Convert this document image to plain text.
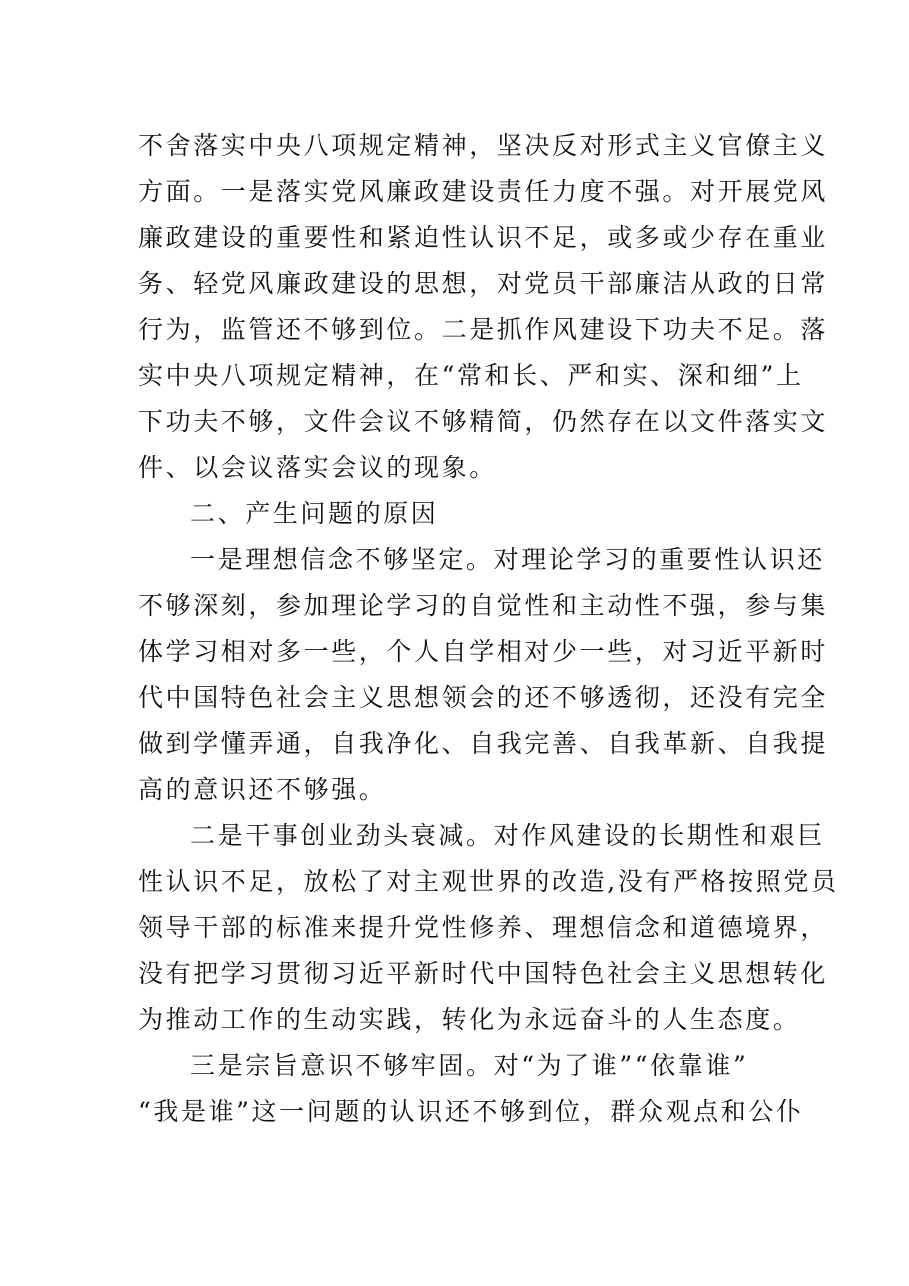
不舍落实中央八项规定精神，坚决反对形式主义官僚主义
方面。一是落实党风廉政建设责任力度不强。对开展党风
廉政建设的重要性和紧迫性认识不足，或多或少存在重业
务、轻党风廉政建设的思想，对党员干部廉洁从政的日常
行为，监管还不够到位。二是抓作风建设下功夫不足。落
实中央八项规定精神，在“常和长、严和实、深和细”上
下功夫不够，文件会议不够精简，仍然存在以文件落实文
件、以会议落实会议的现象。
二、产生问题的原因
一是理想信念不够坚定。对理论学习的重要性认识还
不够深刻，参加理论学习的自觉性和主动性不强，参与集
体学习相对多一些，个人自学相对少一些，对习近平新时
代中国特色社会主义思想领会的还不够透彻，还没有完全
做到学懂弄通，自我净化、自我完善、自我革新、自我提
高的意识还不够强。
二是干事创业劲头衰减。对作风建设的长期性和艰巨
性认识不足，放松了对主观世界的改造,没有严格按照党员
领导干部的标准来提升党性修养、理想信念和道德境界，
没有把学习贯彻习近平新时代中国特色社会主义思想转化
为推动工作的生动实践，转化为永远奋斗的人生态度。
三是宗旨意识不够牢固。对“为了谁”“依靠谁”
“我是谁”这一问题的认识还不够到位，群众观点和公仆
